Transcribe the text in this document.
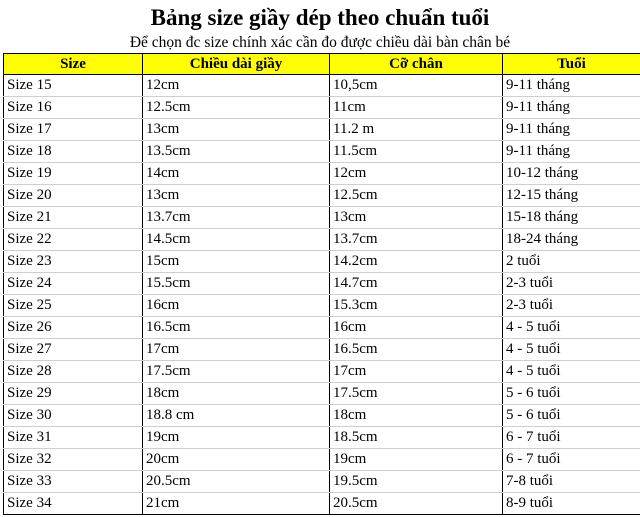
Bảng size giầy dép theo chuẩn tuổi
Để chọn đc size chính xác cần đo được chiều dài bàn chân bé
Size	Chiều dài giầy	Cỡ chân	Tuổi
Size 15	12cm	10,5cm	9-11 tháng
Size 16	12.5cm	11cm	9-11 tháng
Size 17	13cm	11.2 m	9-11 tháng
Size 18	13.5cm	11.5cm	9-11 tháng
Size 19	14cm	12cm	10-12 tháng
Size 20	13cm	12.5cm	12-15 tháng
Size 21	13.7cm	13cm	15-18 tháng
Size 22	14.5cm	13.7cm	18-24 tháng
Size 23	15cm	14.2cm	2 tuổi
Size 24	15.5cm	14.7cm	2-3 tuổi
Size 25	16cm	15.3cm	2-3 tuổi
Size 26	16.5cm	16cm	4 - 5 tuổi
Size 27	17cm	16.5cm	4 - 5 tuổi
Size 28	17.5cm	17cm	4 - 5 tuổi
Size 29	18cm	17.5cm	5 - 6 tuổi
Size 30	18.8 cm	18cm	5 - 6 tuổi
Size 31	19cm	18.5cm	6 - 7 tuổi
Size 32	20cm	19cm	6 - 7 tuổi
Size 33	20.5cm	19.5cm	7-8 tuổi
Size 34	21cm	20.5cm	8-9 tuổi
